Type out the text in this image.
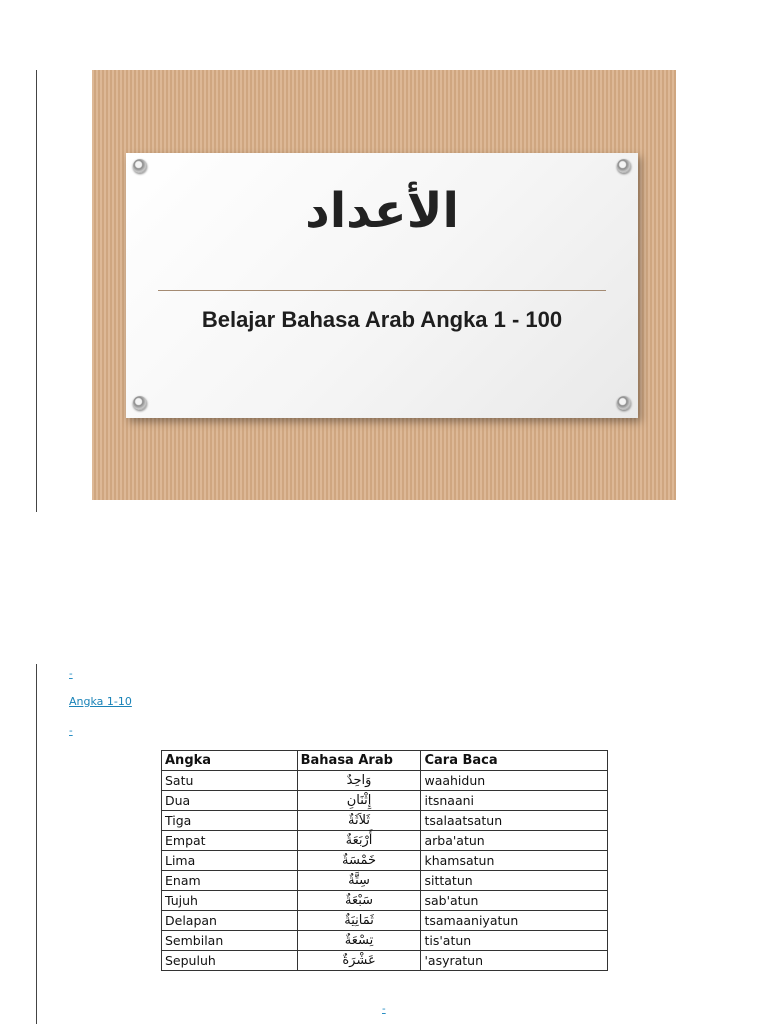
الأعداد
Belajar Bahasa Arab Angka 1 - 100
-
Angka 1-10
-
Angka	Bahasa Arab	Cara Baca
Satu	وَاحِدٌ	waahidun
Dua	إِثْنَانِ	itsnaani
Tiga	ثَلاَثَةٌ	tsalaatsatun
Empat	أَرْبَعَةٌ	arba'atun
Lima	خَمْسَةٌ	khamsatun
Enam	سِتَّةٌ	sittatun
Tujuh	سَبْعَةٌ	sab'atun
Delapan	ثَمَانِيَةٌ	tsamaaniyatun
Sembilan	تِسْعَةٌ	tis'atun
Sepuluh	عَشْرَةٌ	'asyratun
-
